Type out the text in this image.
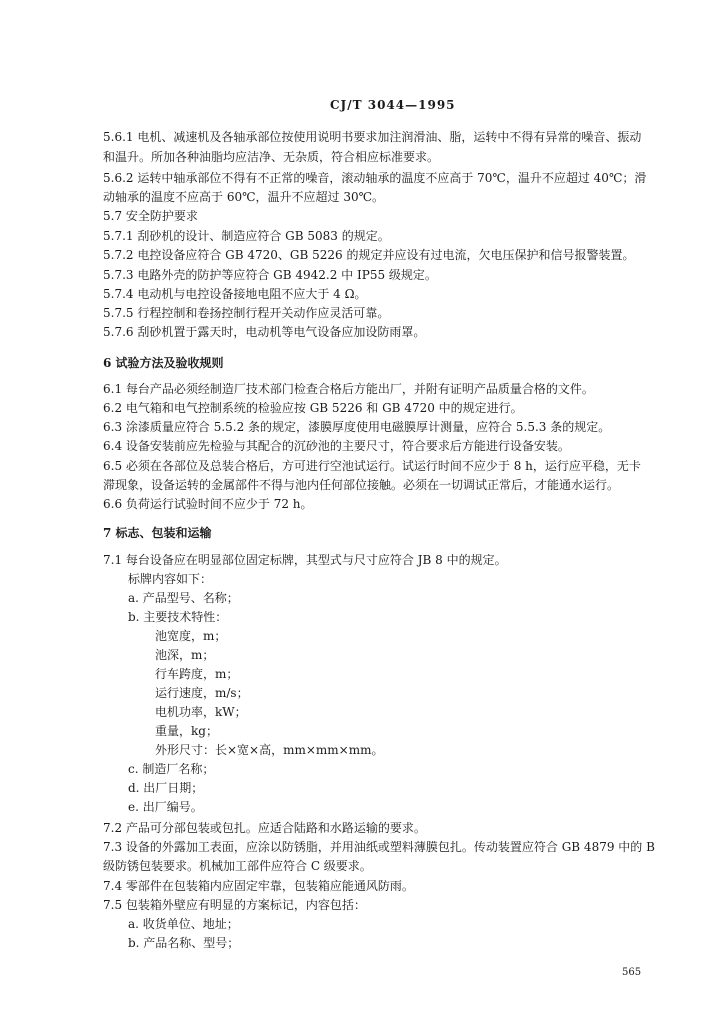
CJ/T 3044—1995
5.6.1 电机、减速机及各轴承部位按使用说明书要求加注润滑油、脂，运转中不得有异常的噪音、振动
和温升。所加各种油脂均应洁净、无杂质，符合相应标准要求。
5.6.2 运转中轴承部位不得有不正常的噪音，滚动轴承的温度不应高于 70℃，温升不应超过 40℃；滑
动轴承的温度不应高于 60℃，温升不应超过 30℃。
5.7 安全防护要求
5.7.1 刮砂机的设计、制造应符合 GB 5083 的规定。
5.7.2 电控设备应符合 GB 4720、GB 5226 的规定并应设有过电流，欠电压保护和信号报警装置。
5.7.3 电路外壳的防护等应符合 GB 4942.2 中 IP55 级规定。
5.7.4 电动机与电控设备接地电阻不应大于 4 Ω。
5.7.5 行程控制和卷扬控制行程开关动作应灵活可靠。
5.7.6 刮砂机置于露天时，电动机等电气设备应加设防雨罩。
6 试验方法及验收规则
6.1 每台产品必须经制造厂技术部门检查合格后方能出厂，并附有证明产品质量合格的文件。
6.2 电气箱和电气控制系统的检验应按 GB 5226 和 GB 4720 中的规定进行。
6.3 涂漆质量应符合 5.5.2 条的规定，漆膜厚度使用电磁膜厚计测量，应符合 5.5.3 条的规定。
6.4 设备安装前应先检验与其配合的沉砂池的主要尺寸，符合要求后方能进行设备安装。
6.5 必须在各部位及总装合格后，方可进行空池试运行。试运行时间不应少于 8 h，运行应平稳，无卡
滞现象，设备运转的金属部件不得与池内任何部位接触。必须在一切调试正常后，才能通水运行。
6.6 负荷运行试验时间不应少于 72 h。
7 标志、包装和运输
7.1 每台设备应在明显部位固定标牌，其型式与尺寸应符合 JB 8 中的规定。
标牌内容如下：
a. 产品型号、名称；
b. 主要技术特性：
池宽度，m；
池深，m；
行车跨度，m；
运行速度，m/s；
电机功率，kW；
重量，kg；
外形尺寸：长×宽×高，mm×mm×mm。
c. 制造厂名称；
d. 出厂日期；
e. 出厂编号。
7.2 产品可分部包装或包扎。应适合陆路和水路运输的要求。
7.3 设备的外露加工表面，应涂以防锈脂，并用油纸或塑料薄膜包扎。传动装置应符合 GB 4879 中的 B
级防锈包装要求。机械加工部件应符合 C 级要求。
7.4 零部件在包装箱内应固定牢靠，包装箱应能通风防雨。
7.5 包装箱外壁应有明显的方案标记，内容包括：
a. 收货单位、地址；
b. 产品名称、型号；
565
